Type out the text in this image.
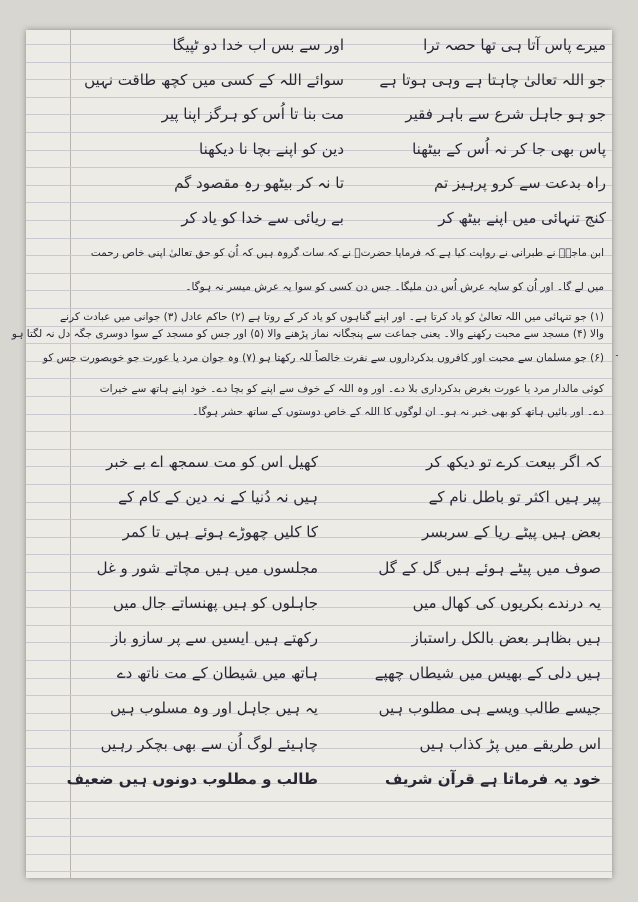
میرے پاس آتا ہی تھا حصہ ترا
اور سے بس اب خدا دو ٹپیگا
جو اللہ تعالیٰ چاہتا ہے وہی ہوتا ہے
سوائے اللہ کے کسی میں کچھ طاقت نہیں
جو ہو جاہل شرع سے باہر فقیر
مت بنا تا اُس کو ہرگز اپنا پیر
پاس بھی جا کر نہ اُس کے بیٹھنا
دین کو اپنے بچا نا دیکھنا
راہ بدعت سے کرو پرہیز تم
تا نہ کر بیٹھو رہِ مقصود گم
کنج تنہائی میں اپنے بیٹھ کر
بے ریائی سے خدا کو یاد کر
ابن ماجہؒ نے طبرانی نے روایت کیا ہے کہ فرمایا حضرتؐ نے کہ سات گروہ ہیں کہ اُن کو حق تعالیٰ اپنی خاص رحمت
میں لے گا۔ اور اُن کو سایہ عرش اُس دن ملیگا۔ جس دن کسی کو سوا یہ عرش میسر نہ ہوگا۔
(۱) جو تنہائی میں اللہ تعالیٰ کو یاد کرتا ہے۔ اور اپنے گناہوں کو یاد کر کے روتا ہے (۲) حاکم عادل (۳) جوانی میں عبادت کرنے
والا (۴) مسجد سے محبت رکھنے والا۔ یعنی جماعت سے پنجگانہ نماز پڑھنے والا (۵) اور جس کو مسجد کے سوا دوسری جگہ دل نہ لگتا ہو
(۶) جو مسلمان سے محبت اور کافروں بدکرداروں سے نفرت خالصاً للہ رکھتا ہو (۷) وہ جوان مرد یا عورت جو خوبصورت جس کو
کوئی مالدار مرد یا عورت بغرض بدکرداری بلا دے۔ اور وہ اللہ کے خوف سے اپنے کو بچا دے۔ خود اپنے ہاتھ سے خیرات
دے۔ اور بائیں ہاتھ کو بھی خبر نہ ہو۔ ان لوگوں کا اللہ کے خاص دوستوں کے ساتھ حشر ہوگا۔
کہ اگر بیعت کرے تو دیکھ کر
کھیل اس کو مت سمجھ اے بے خبر
پیر ہیں اکثر تو باطل نام کے
ہیں نہ دُنیا کے نہ دین کے کام کے
بعض ہیں پیٹے ریا کے سربسر
کا کلیں چھوڑے ہوئے ہیں تا کمر
صوف میں پیٹے ہوئے ہیں گل کے گل
مجلسوں میں ہیں مچاتے شور و غل
یہ درندے بکریوں کی کھال میں
جاہلوں کو ہیں پھنساتے جال میں
ہیں بظاہر بعض بالکل راستباز
رکھتے ہیں ایسیں سے پر سازو باز
ہیں دلی کے بھیس میں شیطاں چھپے
ہاتھ میں شیطان کے مت ناتھ دے
جیسے طالب ویسے ہی مطلوب ہیں
یہ ہیں جاہل اور وہ مسلوب ہیں
اس طریقے میں پڑ کذاب ہیں
چاہیئے لوگ اُن سے بھی بچکر رہیں
خود یہ فرماتا ہے قرآن شریف
طالب و مطلوب دونوں ہیں ضعیف
۔
